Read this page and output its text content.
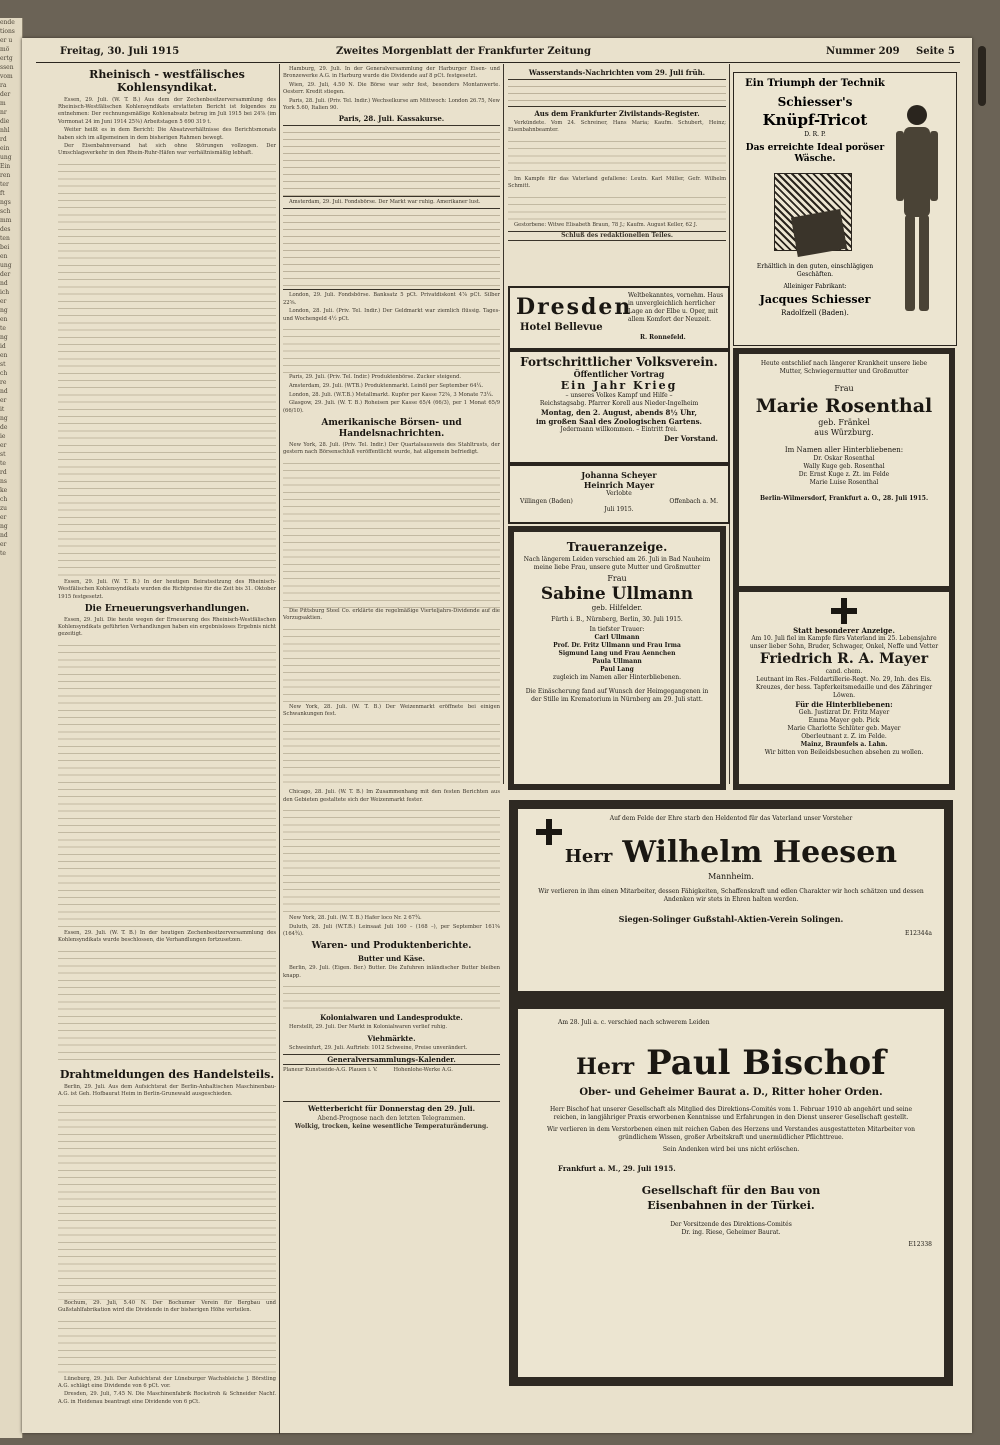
ende
tions
er u
mö
ertg
ssen
vom
ra
der
m
nr
die
nhl
rd
ein
ung
Ein
ren
ter
ft
ngs
sch
mm
des
ten
bei
en
ung
der
nd
ich
er
ng
en
te
ng
id
en
st
ch
re
nd
er
it
ng
de
ie
er
st
te
rd
ns
ke
ch
zu
er
ng
nd
er
te
Freitag, 30. Juli 1915	Zweites Morgenblatt der Frankfurter Zeitung	Nummer 209 Seite 5
Rheinisch - westfälisches Kohlensyndikat.

Essen, 29. Juli. (W. T. B.) Aus dem der Zechenbesitzerversammlung des Rheinisch-Westfälischen Kohlensyndikats erstatteten Bericht ist folgendes zu entnehmen: Der rechnungsmäßige Kohlenabsatz betrug im Juli 1915 bei 24⅞ (im Vormonat 24 im Juni 1914 25⅜) Arbeitstagen 5 690 319 t.

Weiter heißt es in dem Bericht: Die Absatzverhältnisse des Berichtsmonats haben sich im allgemeinen in dem bisherigen Rahmen bewegt.

Der Eisenbahnversand hat sich ohne Störungen vollzogen. Der Umschlagsverkehr in den Rhein-Ruhr-Häfen war verhältnismäßig lebhaft.

Essen, 29. Juli. (W. T. B.) In der heutigen Beiratssitzung des Rheinisch-Westfälischen Kohlensyndikats wurden die Richtpreise für die Zeit bis 31. Oktober 1915 festgesetzt.

Die Erneuerungsverhandlungen.

Essen, 29. Juli. Die heute wegen der Erneuerung des Rheinisch-Westfälischen Kohlensyndikats geführten Verhandlungen haben ein ergebnisloses Ergebnis nicht gezeitigt.

Essen, 29. Juli. (W. T. B.) In der heutigen Zechenbesitzerversammlung des Kohlensyndikats wurde beschlossen, die Verhandlungen fortzusetzen.

Drahtmeldungen des Handelsteils.

Berlin, 29. Juli. Aus dem Aufsichtsrat der Berlin-Anhaltischen Maschinenbau-A.G. ist Geh. Hofbaurat Heim in Berlin-Grunewald ausgeschieden.

Bochum, 29. Juli, 5.40 N. Der Bochumer Verein für Bergbau und Gußstahlfabrikation wird die Dividende in der bisherigen Höhe verteilen.

Lüneburg, 29. Juli. Der Aufsichtsrat der Lüneburger Wachsbleiche J. Börstling A.G. schlägt eine Dividende von 6 pCt. vor.

Dresden, 29. Juli, 7.45 N. Die Maschinenfabrik Rockstroh & Schneider Nachf. A.G. in Heidenau beantragt eine Dividende von 6 pCt.

Hamburg, 29. Juli. In der Generalversammlung der Harburger Eisen- und Bronzewerke A.G. in Harburg wurde die Dividende auf 8 pCt. festgesetzt.

Wien, 29. Juli, 4.50 N. Die Börse war sehr fest, besonders Montanwerte. Oesterr. Kredit stiegen.

Paris, 28. Juli. (Priv. Tel. Indir.) Wechselkurse am Mittwoch: London 26.75, New York 5.60, Italien 90.

Paris, 28. Juli. Kassakurse.

Amsterdam, 29. Juli. Fondsbörse. Der Markt war ruhig. Amerikaner lust.

London, 29. Juli. Fondsbörse. Banksatz 5 pCt. Privatdiskont 4⅞ pCt. Silber 22⅝.

London, 28. Juli. (Priv. Tel. Indir.) Der Geldmarkt war ziemlich flüssig. Tages- und Wochengeld 4½ pCt.

Paris, 29. Juli. (Priv. Tel. Indir.) Produktenbörse. Zucker steigend.

Amsterdam, 29. Juli. (WTB.) Produktenmarkt. Leinöl per September 64¼.

London, 28. Juli. (W.T.B.) Metallmarkt. Kupfer per Kasse 72⅝, 3 Monate 73¼.

Glasgow, 29. Juli. (W. T. B.) Roheisen per Kasse 65/4 (66/3), per 1 Monat 65/9 (66/10).

Amerikanische Börsen- und Handelsnachrichten.

New York, 28. Juli. (Priv. Tel. Indir.) Der Quartalsausweis des Stahltrusts, der gestern nach Börsenschluß veröffentlicht wurde, hat allgemein befriedigt.

Die Pittsburg Steel Co. erklärte die regelmäßige Vierteljahrs-Dividende auf die Vorzugsaktien.

New York, 28. Juli. (W. T. B.) Der Weizenmarkt eröffnete bei einigen Schwankungen fest.

Chicago, 28. Juli. (W. T. B.) Im Zusammenhang mit den festen Berichten aus den Gebieten gestaltete sich der Weizenmarkt fester.

New York, 28. Juli. (W. T. B.) Hafer loco Nr. 2 67¾.

Duluth, 28. Juli (W.T.B.) Leinsaat Juli 160 – (168 –), per September 161⅝ (164¾).

Waren- und Produktenberichte.
Butter und Käse.

Berlin, 29. Juli. (Eigen. Ber.) Butter. Die Zufuhren inländischer Butter bleiben knapp.

Kolonialwaren und Landesprodukte.

Herstellt, 29. Juli. Der Markt in Kolonialwaren verlief ruhig.

Viehmärkte.

Schweinfurt, 29. Juli. Auftrieb: 1012 Schweine, Preise unverändert.

Generalversammlungs-Kalender.
Planeur Kunstseide-A.G. Plauen i. V.	Hohenlohe-Werke A.G.
Wetterbericht für Donnerstag den 29. Juli.
Abend-Prognose nach den letzten Telegrammen.
Wolkig, trocken, keine wesentliche Temperaturänderung.
Wasserstands-Nachrichten vom 29. Juli früh.
Aus dem Frankfurter Zivilstands-Register.

Verkündete. Vom 24. Schreiner, Hans Maria; Kaufm. Schubert, Heinz; Eisenbahnbeamter.

Im Kampfe für das Vaterland gefallene: Leutn. Karl Müller, Gefr. Wilhelm Schmitt.

Gestorbene: Witwe Elisabeth Braun, 78 J.; Kaufm. August Keller, 62 J.

Schluß des redaktionellen Teiles.
Dresden
Hotel Bellevue
Weltbekanntes, vornehm. Haus in unvergleichlich herrlicher Lage an der Elbe u. Oper, mit allem Komfort der Neuzeit.
R. Ronnefeld.
Fortschrittlicher Volksverein.
Öffentlicher Vortrag
Ein Jahr Krieg
– unseres Volkes Kampf und Hilfe –
Reichstagsabg. Pfarrer Korell aus Nieder-Ingelheim
Montag, den 2. August, abends 8½ Uhr,
im großen Saal des Zoologischen Gartens.
Jedermann willkommen. – Eintritt frei.
Der Vorstand.
Johanna Scheyer
Heinrich Mayer
Verlobte
Villingen (Baden)	Offenbach a. M.
Juli 1915.
Traueranzeige.
Nach längerem Leiden verschied am 26. Juli in Bad Nauheim meine liebe Frau, unsere gute Mutter und Großmutter
Frau
Sabine Ullmann
geb. Hilfelder.
Fürth i. B., Nürnberg, Berlin, 30. Juli 1915.
In tiefster Trauer:
Carl Ullmann
Prof. Dr. Fritz Ullmann und Frau Irma
Sigmund Lang und Frau Aennchen
Paula Ullmann
Paul Lang
zugleich im Namen aller Hinterbliebenen.
Die Einäscherung fand auf Wunsch der Heimgegangenen in der Stille im Krematorium in Nürnberg am 29. Juli statt.
Ein Triumph der Technik
Schiesser's
Knüpf-Tricot
D. R. P.
Das erreichte Ideal poröser Wäsche.
Erhältlich in den guten, einschlägigen Geschäften.
Alleiniger Fabrikant:
Jacques Schiesser
Radolfzell (Baden).
Heute entschlief nach längerer Krankheit unsere liebe Mutter, Schwiegermutter und Großmutter
Frau
Marie Rosenthal
geb. Fränkel
aus Würzburg.
Im Namen aller Hinterbliebenen:
Dr. Oskar Rosenthal
Wally Kuge geb. Rosenthal
Dr. Ernst Kuge z. Zt. im Felde
Marie Luise Rosenthal
Berlin-Wilmersdorf, Frankfurt a. O., 28. Juli 1915.
Statt besonderer Anzeige.
Am 10. Juli fiel im Kampfe fürs Vaterland im 25. Lebensjahre unser lieber Sohn, Bruder, Schwager, Onkel, Neffe und Vetter
Friedrich R. A. Mayer
cand. chem.
Leutnant im Res.-Feldartillerie-Regt. No. 29, Inh. des Eis. Kreuzes, der hess. Tapferkeitsmedaille und des Zähringer Löwen.
Für die Hinterbliebenen:
Geh. Justizrat Dr. Fritz Mayer
Emma Mayer geb. Pick
Marie Charlotte Schlüter geb. Mayer
Oberleutnant z. Z. im Felde.
Mainz, Braunfels a. Lahn.
Wir bitten von Beileidsbesuchen absehen zu wollen.
Auf dem Felde der Ehre starb den Heldentod für das Vaterland unser Vorsteher
Herr Wilhelm Heesen
Mannheim.
Wir verlieren in ihm einen Mitarbeiter, dessen Fähigkeiten, Schaffenskraft und edlen Charakter wir hoch schätzen und dessen Andenken wir stets in Ehren halten werden.
Siegen-Solinger Gußstahl-Aktien-Verein Solingen.
E12344a
Am 28. Juli a. c. verschied nach schwerem Leiden
Herr Paul Bischof
Ober- und Geheimer Baurat a. D., Ritter hoher Orden.
Herr Bischof hat unserer Gesellschaft als Mitglied des Direktions-Comités vom 1. Februar 1910 ab angehört und seine reichen, in langjähriger Praxis erworbenen Kenntnisse und Erfahrungen in den Dienst unserer Gesellschaft gestellt.
Wir verlieren in dem Verstorbenen einen mit reichen Gaben des Herzens und Verstandes ausgestatteten Mitarbeiter von gründlichem Wissen, großer Arbeitskraft und unermüdlicher Pflichttreue.
Sein Andenken wird bei uns nicht erlöschen.
Frankfurt a. M., 29. Juli 1915.
Gesellschaft für den Bau von Eisenbahnen in der Türkei.
Der Vorsitzende des Direktions-Comités
Dr. ing. Riese, Geheimer Baurat.
E12338
